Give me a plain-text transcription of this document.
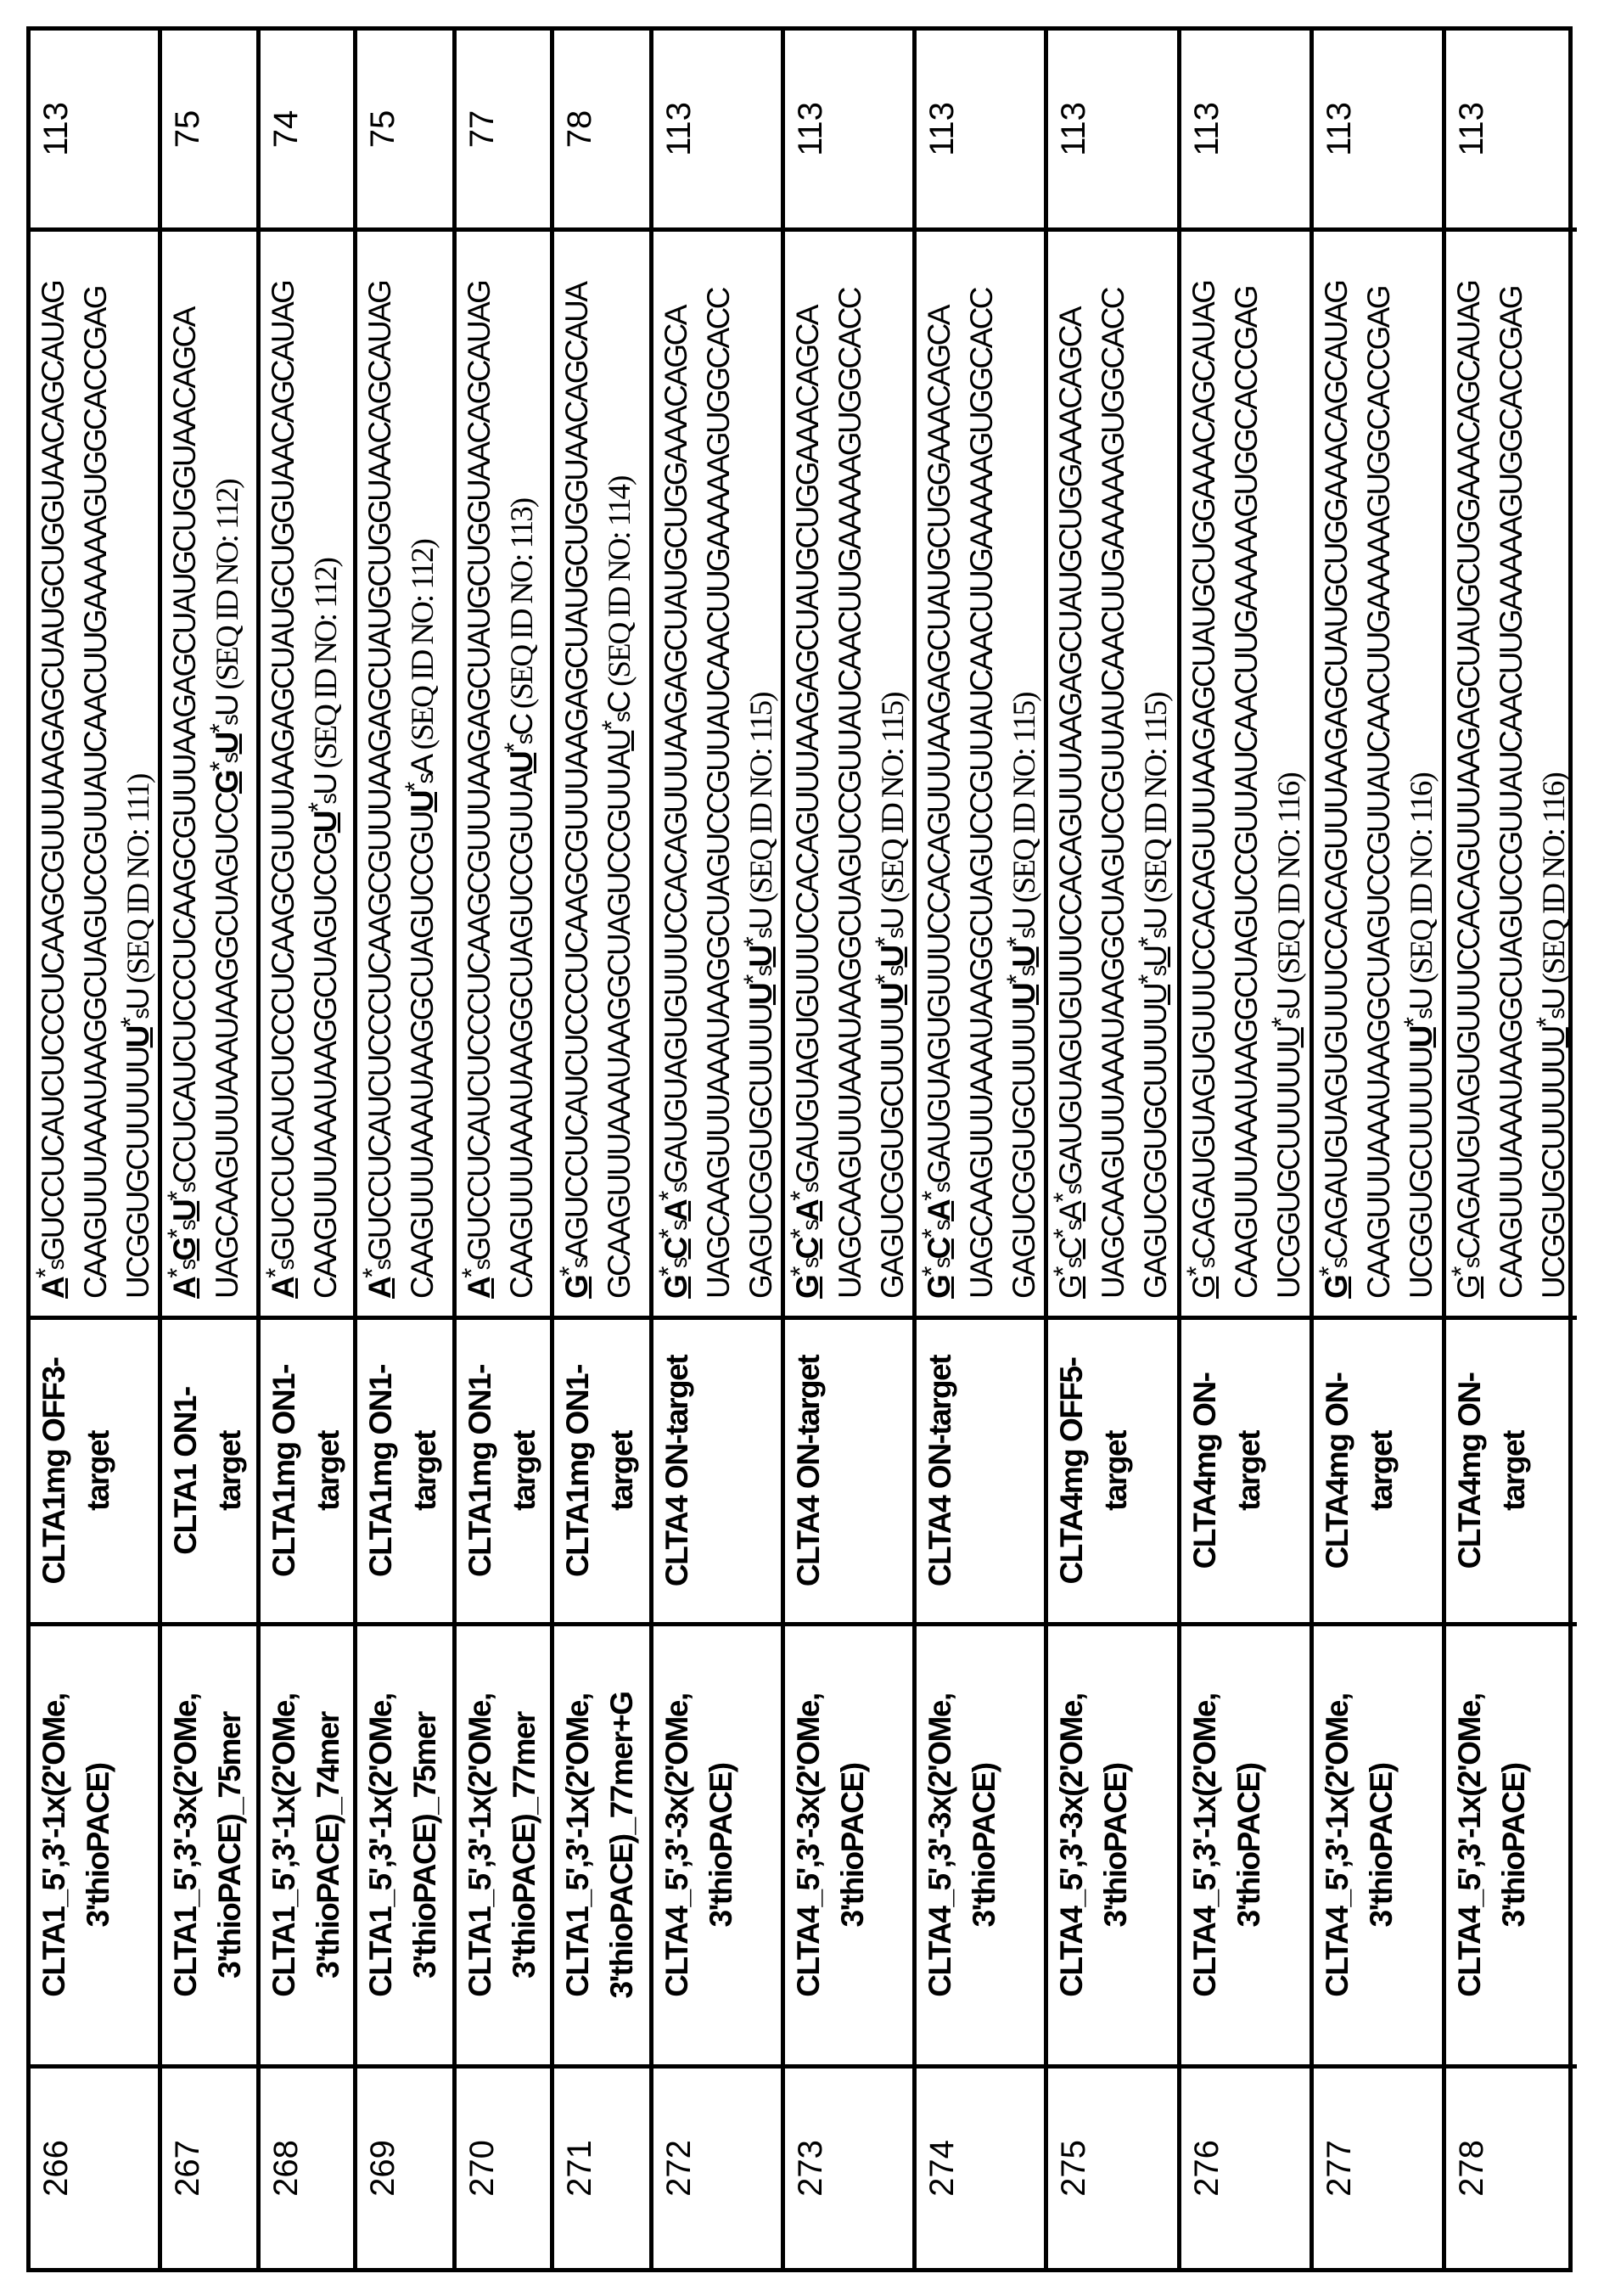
266
CLTA1_5',3'-1x(2'OMe, 3'thioPACE)
CLTA1mg OFF3- target
A*sGUCCUCAUCUCCCUCAAGCGUUUAAGAGCUAUGCUGGUAACAGCAUAG CAAGUUUAAAUAAGGCUAGUCCGUUAUCAACUUGAAAAAGUGGCACCGAG UCGGUGCUUUUUU*sU (SEQ ID NO: 111)
113
267
CLTA1_5',3'-3x(2'OMe, 3'thioPACE)_75mer
CLTA1 ON1- target
A*sG*sU*sCCUCAUCUCCCUCAAGCGUUUAAGAGCUAUGCUGGUAACAGCA UAGCAAGUUUAAAUAAGGCUAGUCCG*sU*sU (SEQ ID NO: 112)
75
268
CLTA1_5',3'-1x(2'OMe, 3'thioPACE)_74mer
CLTA1mg ON1- target
A*sGUCCUCAUCUCCCUCAAGCGUUUAAGAGCUAUGCUGGUAACAGCAUAG CAAGUUUAAAUAAGGCUAGUCCGU*sU (SEQ ID NO: 112)
74
269
CLTA1_5',3'-1x(2'OMe, 3'thioPACE)_75mer
CLTA1mg ON1- target
A*sGUCCUCAUCUCCCUCAAGCGUUUAAGAGCUAUGCUGGUAACAGCAUAG CAAGUUUAAAUAAGGCUAGUCCGUU*sA (SEQ ID NO: 112)
75
270
CLTA1_5',3'-1x(2'OMe, 3'thioPACE)_77mer
CLTA1mg ON1- target
A*sGUCCUCAUCUCCCUCAAGCGUUUAAGAGCUAUGCUGGUAACAGCAUAG CAAGUUUAAAUAAGGCUAGUCCGUUAU*sC (SEQ ID NO: 113)
77
271
CLTA1_5',3'-1x(2'OMe, 3'thioPACE)_77mer+G
CLTA1mg ON1- target
G*sAGUCCUCAUCUCCCUCAAGCGUUUAAGAGCUAUGCUGGUAACAGCAUA GCAAGUUUAAAUAAGGCUAGUCCGUUAU*sC (SEQ ID NO: 114)
78
272
CLTA4_5',3'-3x(2'OMe, 3'thioPACE)
CLTA4 ON-target
G*sC*sA*sGAUGUAGUGUUUCCACAGUUUAAGAGCUAUGCUGGAAACAGCA UAGCAAGUUUAAAUAAGGCUAGUCCGUUAUCAACUUGAAAAAGUGGCACC GAGUCGGUGCUUUUU*sU*sU (SEQ ID NO: 115)
113
273
CLTA4_5',3'-3x(2'OMe, 3'thioPACE)
CLTA4 ON-target
G*sC*sA*sGAUGUAGUGUUUCCACAGUUUAAGAGCUAUGCUGGAAACAGCA UAGCAAGUUUAAAUAAGGCUAGUCCGUUAUCAACUUGAAAAAGUGGCACC GAGUCGGUGCUUUUU*sU*sU (SEQ ID NO: 115)
113
274
CLTA4_5',3'-3x(2'OMe, 3'thioPACE)
CLTA4 ON-target
G*sC*sA*sGAUGUAGUGUUUCCACAGUUUAAGAGCUAUGCUGGAAACAGCA UAGCAAGUUUAAAUAAGGCUAGUCCGUUAUCAACUUGAAAAAGUGGCACC GAGUCGGUGCUUUUU*sU*sU (SEQ ID NO: 115)
113
275
CLTA4_5',3'-3x(2'OMe, 3'thioPACE)
CLTA4mg OFF5- target
G*sC*sA*sGAUGUAGUGUUUCCACAGUUUAAGAGCUAUGCUGGAAACAGCA UAGCAAGUUUAAAUAAGGCUAGUCCGUUAUCAACUUGAAAAAGUGGCACC GAGUCGGUGCUUUUU*sU*sU (SEQ ID NO: 115)
113
276
CLTA4_5',3'-1x(2'OMe, 3'thioPACE)
CLTA4mg ON- target
G*sCAGAUGUAGUGUUUCCACAGUUUAAGAGCUAUGCUGGAAACAGCAUAG CAAGUUUAAAUAAGGCUAGUCCGUUAUCAACUUGAAAAAGUGGCACCGAG UCGGUGCUUUUUU*sU (SEQ ID NO: 116)
113
277
CLTA4_5',3'-1x(2'OMe, 3'thioPACE)
CLTA4mg ON- target
G*sCAGAUGUAGUGUUUCCACAGUUUAAGAGCUAUGCUGGAAACAGCAUAG CAAGUUUAAAUAAGGCUAGUCCGUUAUCAACUUGAAAAAGUGGCACCGAG UCGGUGCUUUUUU*sU (SEQ ID NO: 116)
113
278
CLTA4_5',3'-1x(2'OMe, 3'thioPACE)
CLTA4mg ON- target
G*sCAGAUGUAGUGUUUCCACAGUUUAAGAGCUAUGCUGGAAACAGCAUAG CAAGUUUAAAUAAGGCUAGUCCGUUAUCAACUUGAAAAAGUGGCACCGAG UCGGUGCUUUUUU*sU (SEQ ID NO: 116)
113
